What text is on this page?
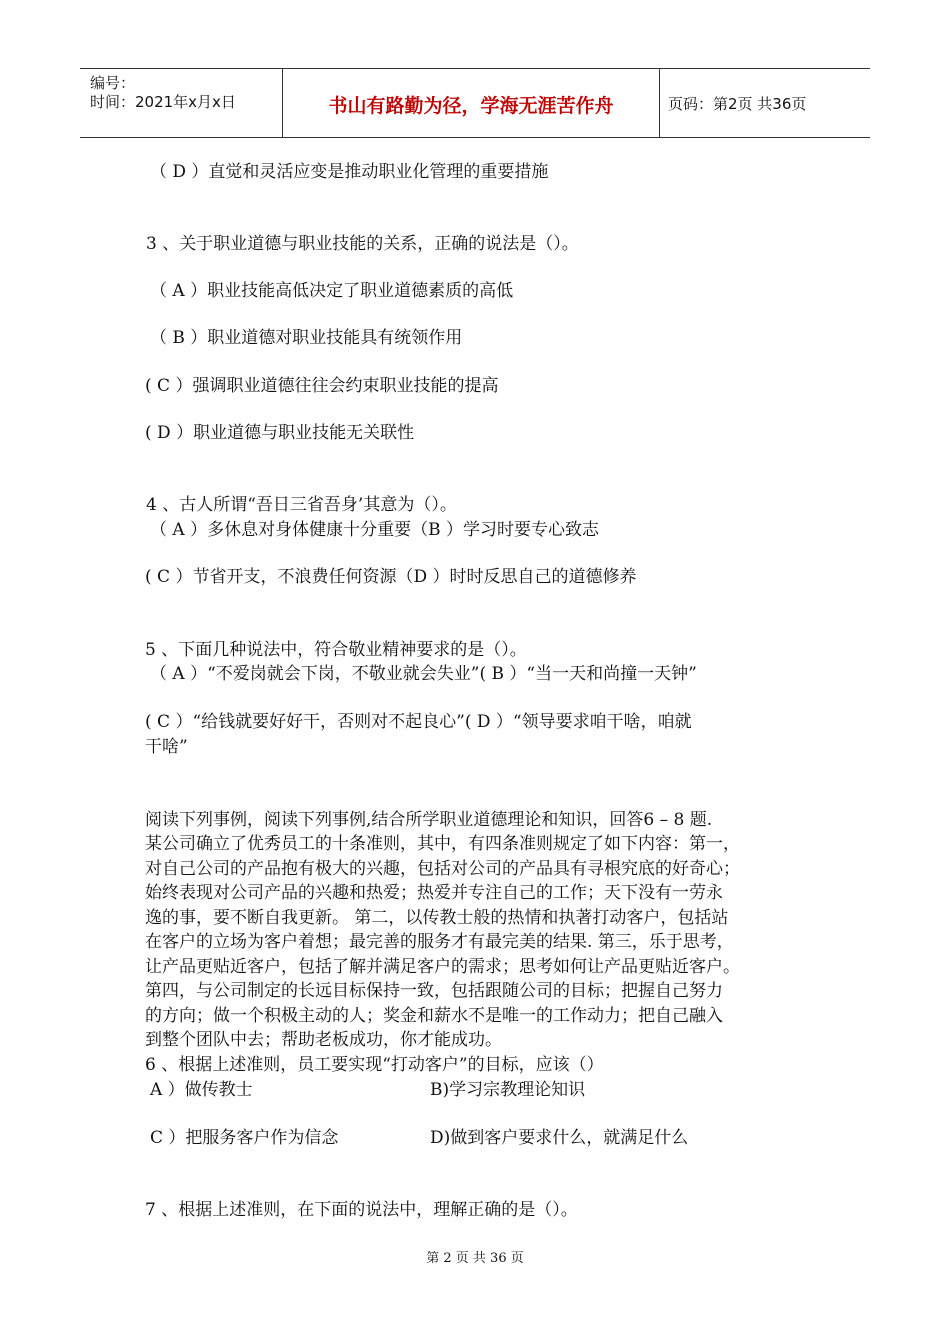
编号：
时间：2021年x月x日	书山有路勤为径，学海无涯苦作舟	页码：第2页 共36页
（ D ）直觉和灵活应变是推动职业化管理的重要措施
3 、关于职业道德与职业技能的关系，正确的说法是（）。
（ A ）职业技能高低决定了职业道德素质的高低
（ B ）职业道德对职业技能具有统领作用
( C ）强调职业道德往往会约束职业技能的提高
( D ）职业道德与职业技能无关联性
4 、古人所谓“吾日三省吾身’其意为（）。
（ A ）多休息对身体健康十分重要（B ）学习时要专心致志
( C ）节省开支，不浪费任何资源（D ）时时反思自己的道德修养
5 、下面几种说法中，符合敬业精神要求的是（）。
（ A ）“不爱岗就会下岗，不敬业就会失业”( B ）“当一天和尚撞一天钟”
( C ）“给钱就要好好干，否则对不起良心”( D ）“领导要求咱干啥，咱就
干啥”
阅读下列事例，阅读下列事例,结合所学职业道德理论和知识，回答6 – 8 题.
某公司确立了优秀员工的十条准则，其中，有四条准则规定了如下内容：第一，
对自己公司的产品抱有极大的兴趣，包括对公司的产品具有寻根究底的好奇心；
始终表现对公司产品的兴趣和热爱；热爱并专注自己的工作；天下没有一劳永
逸的事，要不断自我更新。 第二，以传教士般的热情和执著打动客户，包括站
在客户的立场为客户着想；最完善的服务才有最完美的结果. 第三，乐于思考，
让产品更贴近客户，包括了解并满足客户的需求；思考如何让产品更贴近客户。
第四，与公司制定的长远目标保持一致，包括跟随公司的目标；把握自己努力
的方向；做一个积极主动的人；奖金和薪水不是唯一的工作动力；把自己融入
到整个团队中去；帮助老板成功，你才能成功。
6 、根据上述准则，员工要实现“打动客户”的目标，应该（）
A ）做传教士	B)学习宗教理论知识
C ）把服务客户作为信念	D)做到客户要求什么，就满足什么
7 、根据上述准则，在下面的说法中，理解正确的是（）。
第 2 页 共 36 页
